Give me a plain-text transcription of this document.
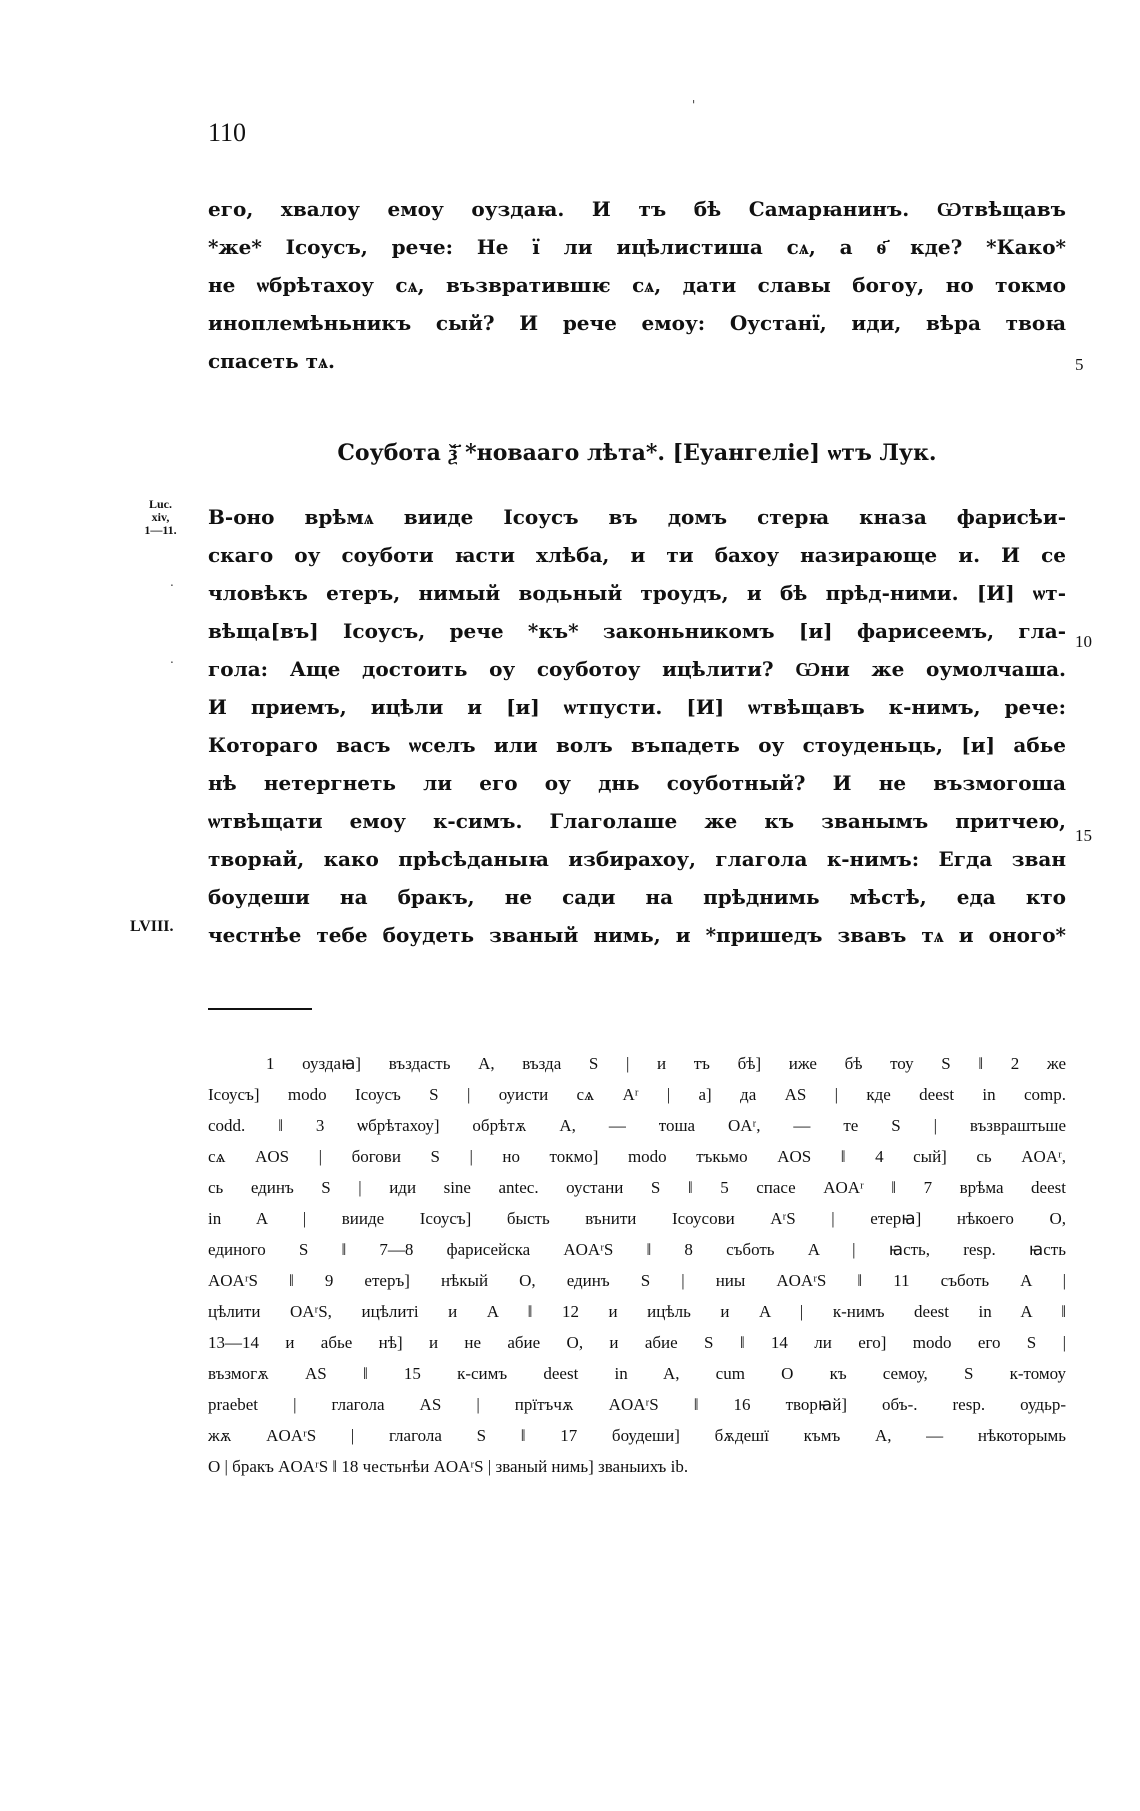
110
его, хвалоу емоу оуздаꙗ. И тъ бѣ Самарꙗнинъ. Ѡтвѣщавъ
*же* Iсоусъ, рече: Не ї ли ицѣлистиша сѧ, а ѳ҃ кде? *Како*
не ѡбрѣтахоу сѧ, възвратившѥ сѧ, дати славы богоу, но токмо
инoплемѣньникъ сый? И рече емоу: Оустанї, иди, вѣра твоꙗ
спасеть тѧ.	5
Соуботa ѯ҃ *новааго лѣта*. [Еуангеліе] ѡтъ Лук.
Luc.
xiv,
1—11.
В-оно врѣмѧ вииде Iсоусъ въ домъ стерꙗ кназа фарисѣи-
скаго оу соубoти ꙗсти хлѣба, и ти бахоу назирающе и. И се
члoвѣкъ етеръ, нимый водьный троудъ, и бѣ прѣд-ними. [И] ѡт-
вѣща[въ] Iсоусъ, рече *къ* законьникомъ [и] фарисеемъ, гла-
гола: Аще достоить оу соуботоу ицѣлити? Ѡни же оумолчаша.
И приемъ, ицѣли и [и] ѡтпусти. [И] ѡтвѣщавъ к-нимъ, рече:
Котoраго васъ ѡселъ или волъ въпадеть оу стоуденьць, [и] абье
нѣ нетергнеть ли его оу днь соуботный? И не възмогоша
ѡтвѣщати емоу к-симъ. Глаголаше же къ званымъ притчею,
творꙗй, како прѣсѣданыꙗ избирахоу, глагола к-нимъ: Егда зван
боудеши на бракъ, не сади на прѣднимь мѣстѣ, еда кто
честнѣе тебе боудеть званый нимь, и *пришедъ звавъ тѧ и оного*
10
15
LVIII.
'
.
.
1 оуздаꙗ] въздасть A, възда S | и тъ бѣ] иже бѣ тоу S ‖ 2 же
Iсоусъ] modo Iсоусъ S | оуисти сѧ Aʳ | а] да AS | кде deest in comp.
codd. ‖ 3 ѡбрѣтахоу] обрѣтѫ A, — тоша OAʳ, — те S | възвраштьше
сѧ AOS | богови S | но токмо] modo тъкьмо AOS ‖ 4 сый] сь AOAʳ,
сь единъ S | иди sine antec. оустани S ‖ 5 спасе AOAʳ ‖ 7 врѣма deest
in A | вииде Iсоусъ] бысть вънити Iсоусови AʳS | етерꙗ] нѣкоего O,
единого S ‖ 7—8 фарисейска AOAʳS ‖ 8 съботь A | ꙗсть, resp. ꙗсть
AOAʳS ‖ 9 етеръ] нѣкый O, единъ S | ниы AOAʳS ‖ 11 съботь A |
цѣлити OAʳS, ицѣлиті и A ‖ 12 и ицѣль и A | к-нимъ deest in A ‖
13—14 и абье нѣ] и не абие O, и абие S ‖ 14 ли его] modo его S |
възмогѫ AS ‖ 15 к-симъ deest in A, cum O къ семоу, S к-томоу
praebet | глагола AS | прїтъчѫ AOAʳS ‖ 16 творꙗй] объ-. resp. оудьр-
жѫ AOAʳS | глагола S ‖ 17 боудеши] бѫдешї къмъ A, — нѣкоторымь
O | бракъ AOAʳS ‖ 18 честьнѣи AOAʳS | званый нимь] званыихъ ib.
